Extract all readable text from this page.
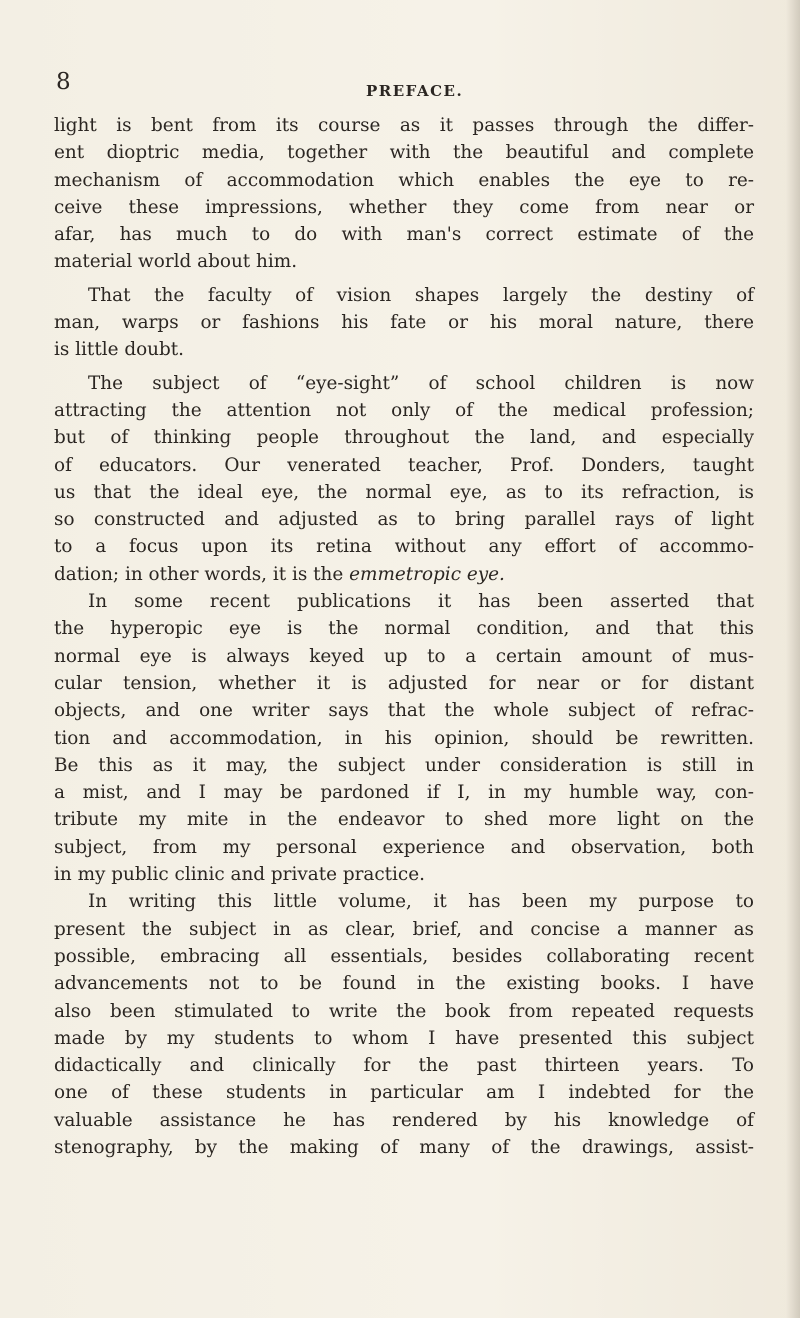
8	PREFACE.
light is bent from its course as it passes through the differ-
ent dioptric media, together with the beautiful and complete
mechanism of accommodation which enables the eye to re-
ceive these impressions, whether they come from near or
afar, has much to do with man's correct estimate of the
material world about him.
That the faculty of vision shapes largely the destiny of
man, warps or fashions his fate or his moral nature, there
is little doubt.
The subject of “eye-sight” of school children is now
attracting the attention not only of the medical profession;
but of thinking people throughout the land, and especially
of educators. Our venerated teacher, Prof. Donders, taught
us that the ideal eye, the normal eye, as to its refraction, is
so constructed and adjusted as to bring parallel rays of light
to a focus upon its retina without any effort of accommo-
dation; in other words, it is the emmetropic eye.
In some recent publications it has been asserted that
the hyperopic eye is the normal condition, and that this
normal eye is always keyed up to a certain amount of mus-
cular tension, whether it is adjusted for near or for distant
objects, and one writer says that the whole subject of refrac-
tion and accommodation, in his opinion, should be rewritten.
Be this as it may, the subject under consideration is still in
a mist, and I may be pardoned if I, in my humble way, con-
tribute my mite in the endeavor to shed more light on the
subject, from my personal experience and observation, both
in my public clinic and private practice.
In writing this little volume, it has been my purpose to
present the subject in as clear, brief, and concise a manner as
possible, embracing all essentials, besides collaborating recent
advancements not to be found in the existing books. I have
also been stimulated to write the book from repeated requests
made by my students to whom I have presented this subject
didactically and clinically for the past thirteen years. To
one of these students in particular am I indebted for the
valuable assistance he has rendered by his knowledge of
stenography, by the making of many of the drawings, assist-
